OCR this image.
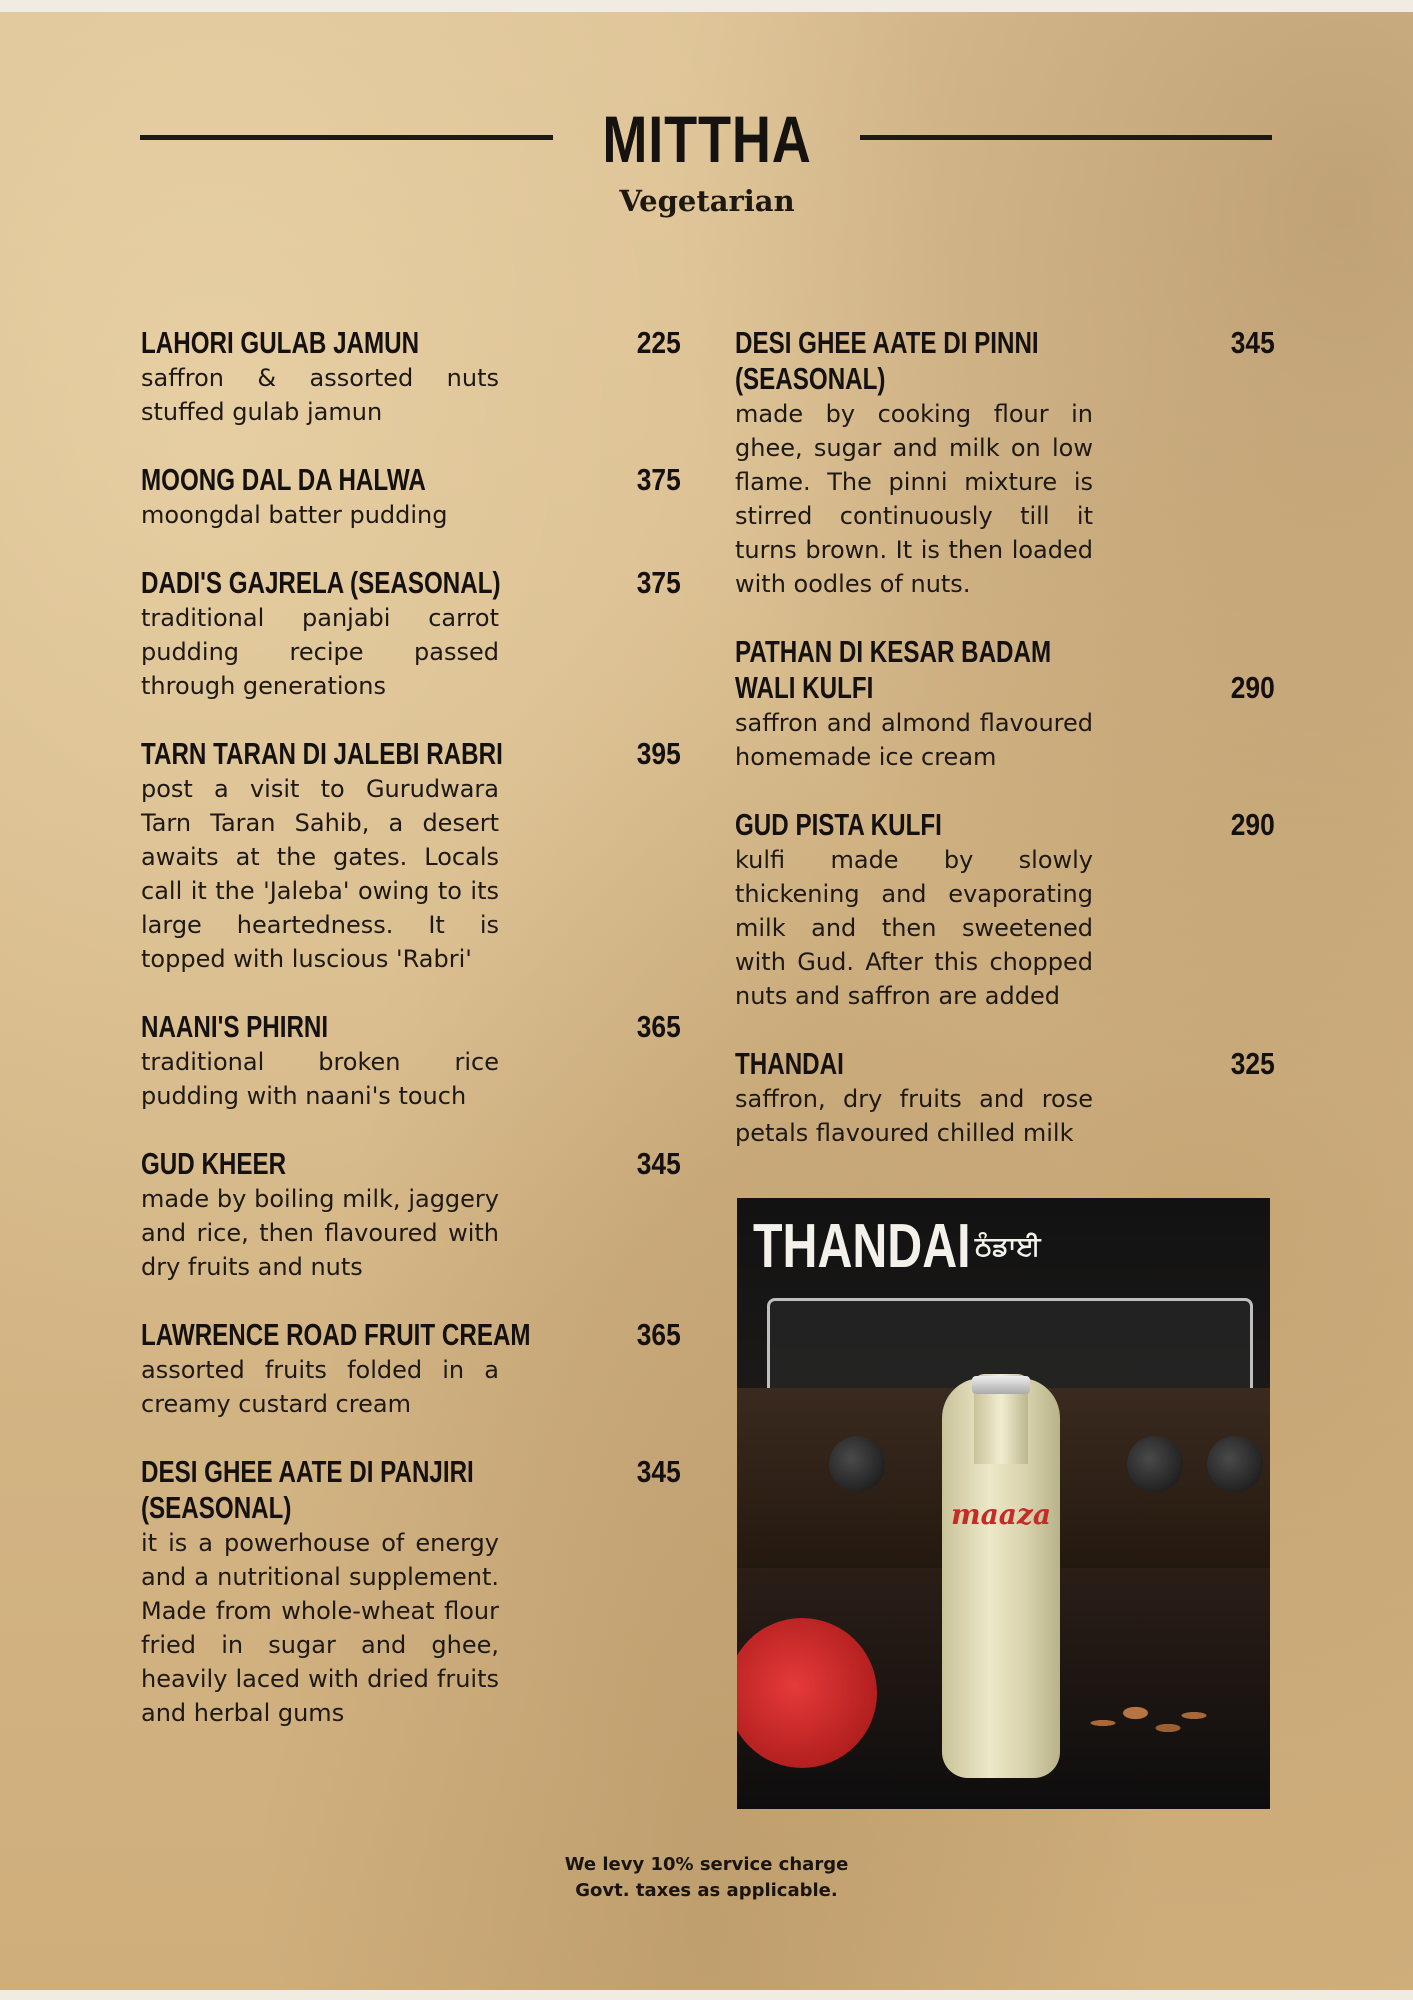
MITTHA
Vegetarian
LAHORI GULAB JAMUN	225
saffron & assorted nuts stuffed gulab jamun
MOONG DAL DA HALWA	375
moongdal batter pudding
DADI'S GAJRELA (SEASONAL)	375
traditional panjabi carrot pudding recipe passed through generations
TARN TARAN DI JALEBI RABRI	395
post a visit to Gurudwara Tarn Taran Sahib, a desert awaits at the gates. Locals call it the 'Jaleba' owing to its large heartedness. It is topped with luscious 'Rabri'
NAANI'S PHIRNI	365
traditional broken rice pudding with naani's touch
GUD KHEER	345
made by boiling milk, jaggery and rice, then flavoured with dry fruits and nuts
LAWRENCE ROAD FRUIT CREAM	365
assorted fruits folded in a creamy custard cream
DESI GHEE AATE DI PANJIRI (SEASONAL)
345
it is a powerhouse of energy and a nutritional supplement. Made from whole-wheat flour fried in sugar and ghee, heavily laced with dried fruits and herbal gums
DESI GHEE AATE DI PINNI (SEASONAL)
345
made by cooking flour in ghee, sugar and milk on low flame. The pinni mixture is stirred continuously till it turns brown. It is then loaded with oodles of nuts.
PATHAN DI KESAR BADAM WALI KULFI	290
saffron and almond flavoured homemade ice cream
GUD PISTA KULFI	290
kulfi made by slowly thickening and evaporating milk and then sweetened with Gud. After this chopped nuts and saffron are added
THANDAI	325
saffron, dry fruits and rose petals flavoured chilled milk
maaza
THANDAI ਠੰਡਾਈ
We levy 10% service charge
Govt. taxes as applicable.
